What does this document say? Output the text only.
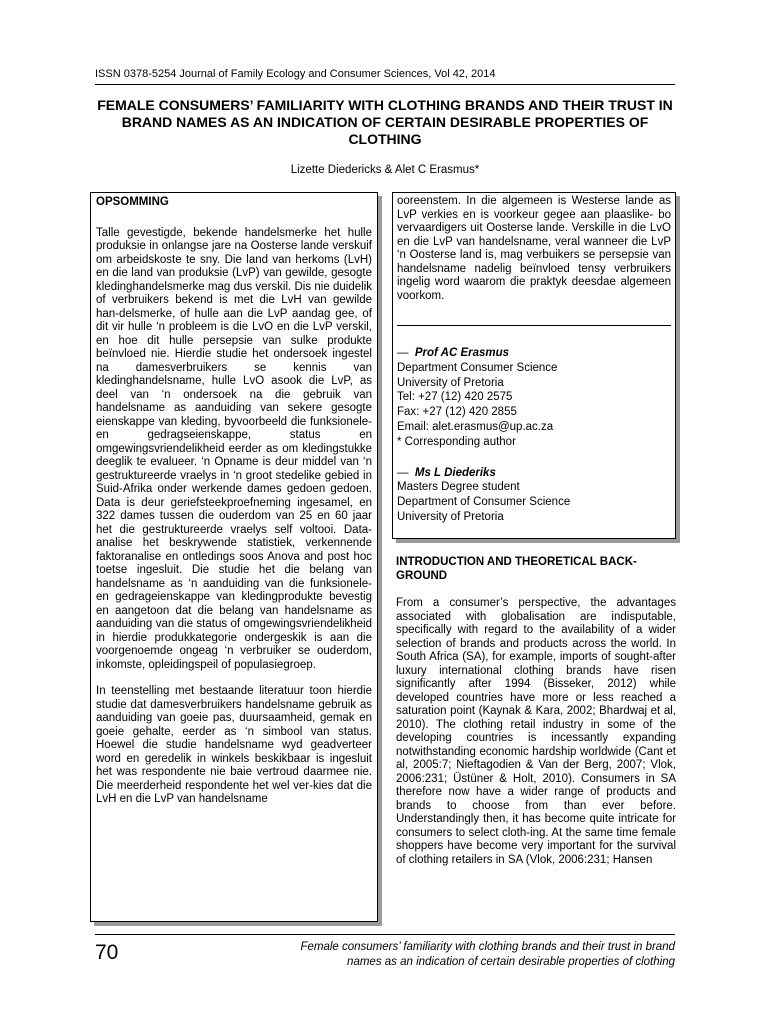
ISSN 0378-5254 Journal of Family Ecology and Consumer Sciences, Vol 42, 2014
FEMALE CONSUMERS’ FAMILIARITY WITH CLOTHING BRANDS AND THEIR TRUST IN BRAND NAMES AS AN INDICATION OF CERTAIN DESIRABLE PROPERTIES OF CLOTHING
Lizette Diedericks & Alet C Erasmus*
OPSOMMING

Talle gevestigde, bekende handelsmerke het hulle produksie in onlangse jare na Oosterse lande verskuif om arbeidskoste te sny. Die land van herkoms (LvH) en die land van produksie (LvP) van gewilde, gesogte kledinghandelsmerke mag dus verskil. Dis nie duidelik of verbruikers bekend is met die LvH van gewilde han-delsmerke, of hulle aan die LvP aandag gee, of dit vir hulle ‘n probleem is die LvO en die LvP verskil, en hoe dit hulle persepsie van sulke produkte beïnvloed nie. Hierdie studie het ondersoek ingestel na damesverbruikers se kennis van kledinghandelsname, hulle LvO asook die LvP, as deel van ‘n ondersoek na die gebruik van handelsname as aanduiding van sekere gesogte eienskappe van kleding, byvoorbeeld die funksionele- en gedragseienskappe, status en omgewingsvriendelikheid eerder as om kledingstukke deeglik te evalueer. ‘n Opname is deur middel van ‘n gestruktureerde vraelys in ‘n groot stedelike gebied in Suid-Afrika onder werkende dames gedoen gedoen. Data is deur geriefsteekproefneming ingesamel, en 322 dames tussen die ouderdom van 25 en 60 jaar het die gestruktureerde vraelys self voltooi. Data-analise het beskrywende statistiek, verkennende faktoranalise en ontledings soos Anova and post hoc toetse ingesluit. Die studie het die belang van handelsname as ‘n aanduiding van die funksionele- en gedrageienskappe van kledingprodukte bevestig en aangetoon dat die belang van handelsname as aanduiding van die status of omgewingsvriendelikheid in hierdie produkkategorie ondergeskik is aan die voorgenoemde ongeag ‘n verbruiker se ouderdom, inkomste, opleidingspeil of populasiegroep.

In teenstelling met bestaande literatuur toon hierdie studie dat damesverbruikers handelsname gebruik as aanduiding van goeie pas, duursaamheid, gemak en goeie gehalte, eerder as ‘n simbool van status. Hoewel die studie handelsname wyd geadverteer word en geredelik in winkels beskikbaar is ingesluit het was respondente nie baie vertroud daarmee nie. Die meerderheid respondente het wel ver-kies dat die LvH en die LvP van handelsname

ooreenstem. In die algemeen is Westerse lande as LvP verkies en is voorkeur gegee aan plaaslike- bo vervaardigers uit Oosterse lande. Verskille in die LvO en die LvP van handelsname, veral wanneer die LvP ‘n Oosterse land is, mag verbuikers se persepsie van handelsname nadelig beïnvloed tensy verbruikers ingelig word waarom die praktyk deesdae algemeen voorkom.

— Prof AC Erasmus
Department Consumer Science
University of Pretoria
Tel: +27 (12) 420 2575
Fax: +27 (12) 420 2855
Email: alet.erasmus@up.ac.za
* Corresponding author
— Ms L Diederiks
Masters Degree student
Department of Consumer Science
University of Pretoria
INTRODUCTION AND THEORETICAL BACK-GROUND

From a consumer’s perspective, the advantages associated with globalisation are indisputable, specifically with regard to the availability of a wider selection of brands and products across the world. In South Africa (SA), for example, imports of sought-after luxury international clothing brands have risen significantly after 1994 (Bisseker, 2012) while developed countries have more or less reached a saturation point (Kaynak & Kara, 2002; Bhardwaj et al, 2010). The clothing retail industry in some of the developing countries is incessantly expanding notwithstanding economic hardship worldwide (Cant et al, 2005:7; Nieftagodien & Van der Berg, 2007; Vlok, 2006:231; Üstüner & Holt, 2010). Consumers in SA therefore now have a wider range of products and brands to choose from than ever before. Understandingly then, it has become quite intricate for consumers to select cloth-ing. At the same time female shoppers have become very important for the survival of clothing retailers in SA (Vlok, 2006:231; Hansen

70	Female consumers’ familiarity with clothing brands and their trust in brand names as an indication of certain desirable properties of clothing
